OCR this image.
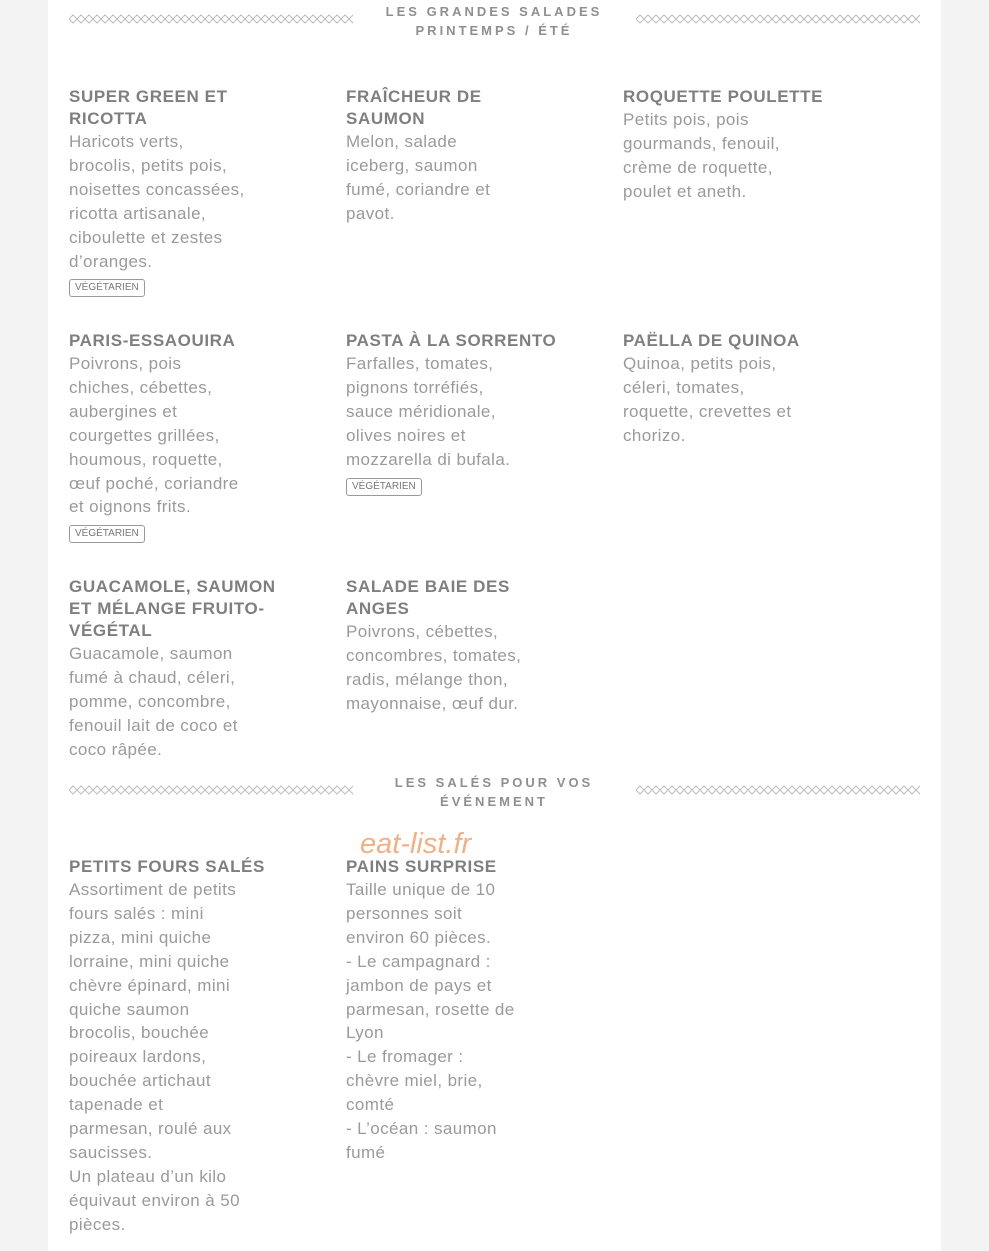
LES GRANDES SALADES
PRINTEMPS / ÉTÉ
SUPER GREEN ET
RICOTTA

Haricots verts,
brocolis, petits pois,
noisettes concassées,
ricotta artisanale,
ciboulette et zestes
d’oranges.

VÉGÉTARIEN
FRAÎCHEUR DE SAUMON

Melon, salade
iceberg, saumon
fumé, coriandre et
pavot.

ROQUETTE POULETTE

Petits pois, pois
gourmands, fenouil,
crème de roquette,
poulet et aneth.

PARIS-ESSAOUIRA

Poivrons, pois
chiches, cébettes,
aubergines et
courgettes grillées,
houmous, roquette,
œuf poché, coriandre
et oignons frits.

VÉGÉTARIEN
PASTA À LA SORRENTO

Farfalles, tomates,
pignons torréfiés,
sauce méridionale,
olives noires et
mozzarella di bufala.

VÉGÉTARIEN
PAËLLA DE QUINOA

Quinoa, petits pois,
céleri, tomates,
roquette, crevettes et
chorizo.

GUACAMOLE, SAUMON
ET MÉLANGE FRUITO-
VÉGÉTAL

Guacamole, saumon
fumé à chaud, céleri,
pomme, concombre,
fenouil lait de coco et
coco râpée.

SALADE BAIE DES
ANGES

Poivrons, cébettes,
concombres, tomates,
radis, mélange thon,
mayonnaise, œuf dur.

LES SALÉS POUR VOS
ÉVÉNEMENT
PETITS FOURS SALÉS

Assortiment de petits
fours salés : mini
pizza, mini quiche
lorraine, mini quiche
chèvre épinard, mini
quiche saumon
brocolis, bouchée
poireaux lardons,
bouchée artichaut
tapenade et
parmesan, roulé aux
saucisses.
Un plateau d’un kilo
équivaut environ à 50
pièces.

PAINS SURPRISE

Taille unique de 10
personnes soit
environ 60 pièces.
- Le campagnard :
jambon de pays et
parmesan, rosette de
Lyon
- Le fromager :
chèvre miel, brie,
comté
- L’océan : saumon
fumé

eat-list.fr
